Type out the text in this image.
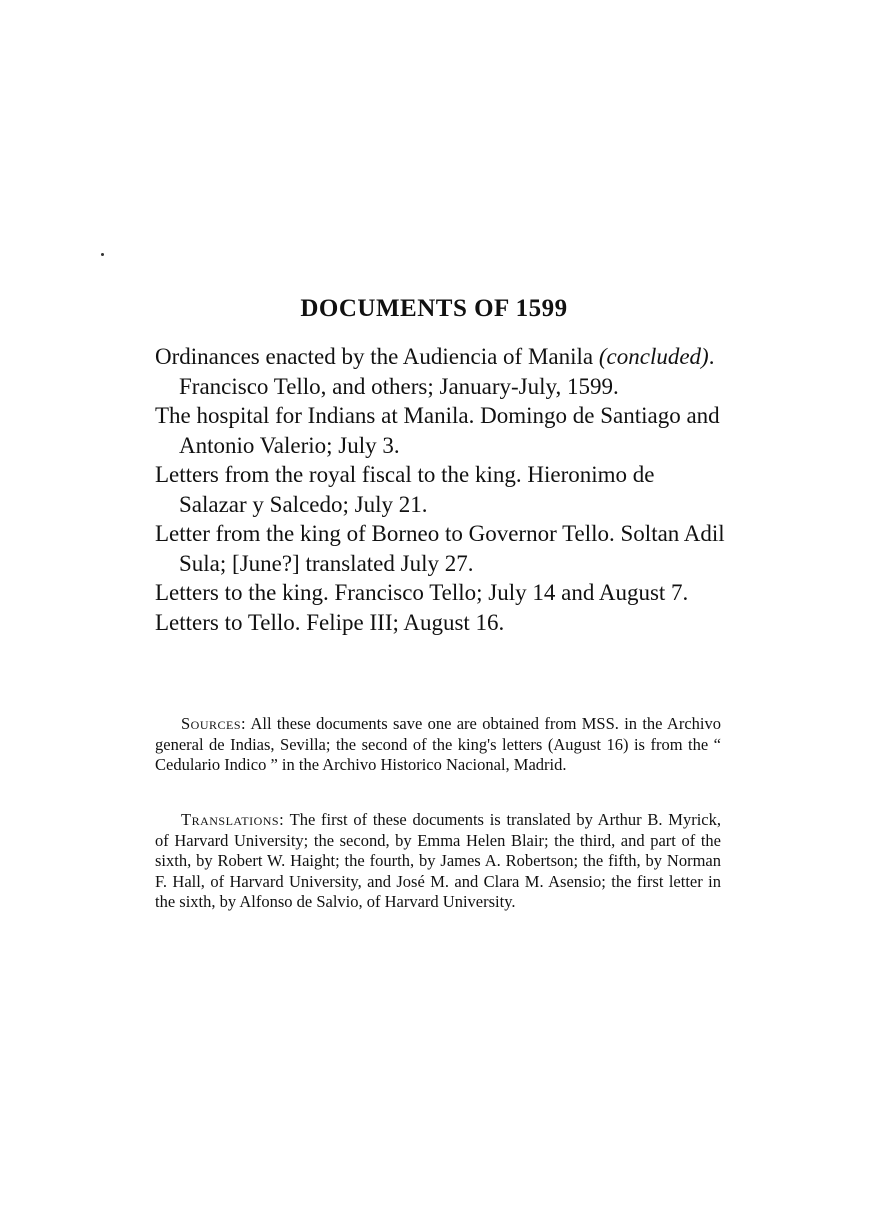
DOCUMENTS OF 1599
Ordinances enacted by the Audiencia of Manila (concluded). Francisco Tello, and others; January-July, 1599.
The hospital for Indians at Manila. Domingo de Santiago and Antonio Valerio; July 3.
Letters from the royal fiscal to the king. Hieronimo de Salazar y Salcedo; July 21.
Letter from the king of Borneo to Governor Tello. Soltan Adil Sula; [June?] translated July 27.
Letters to the king. Francisco Tello; July 14 and August 7.
Letters to Tello. Felipe III; August 16.

Sources: All these documents save one are obtained from MSS. in the Archivo general de Indias, Sevilla; the second of the king's letters (August 16) is from the “ Cedulario Indico ” in the Archivo Historico Nacional, Madrid.

Translations: The first of these documents is translated by Arthur B. Myrick, of Harvard University; the second, by Emma Helen Blair; the third, and part of the sixth, by Robert W. Haight; the fourth, by James A. Robertson; the fifth, by Norman F. Hall, of Harvard University, and José M. and Clara M. Asensio; the first letter in the sixth, by Alfonso de Salvio, of Harvard University.
